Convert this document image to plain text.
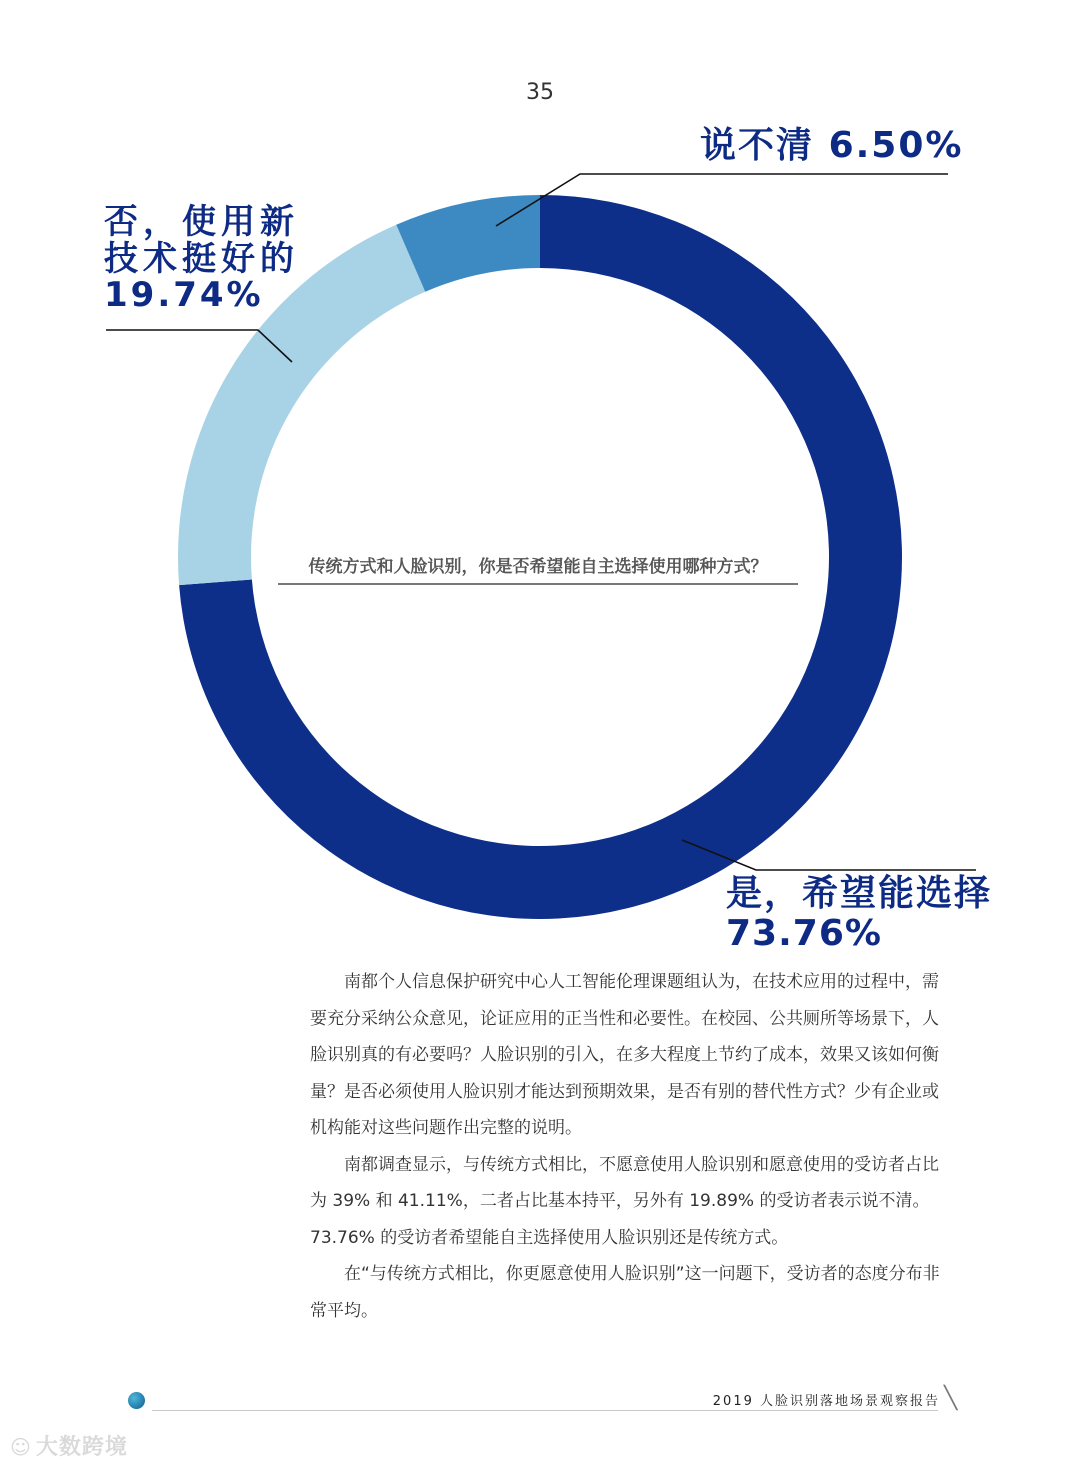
35
说不清 6.50%
否，使用新
技术挺好的
19.74%
是，希望能选择
73.76%
传统方式和人脸识别，你是否希望能自主选择使用哪种方式？

南都个人信息保护研究中心人工智能伦理课题组认为，在技术应用的过程中，需要充分采纳公众意见，论证应用的正当性和必要性。在校园、公共厕所等场景下，人脸识别真的有必要吗？人脸识别的引入，在多大程度上节约了成本，效果又该如何衡量？是否必须使用人脸识别才能达到预期效果，是否有别的替代性方式？少有企业或机构能对这些问题作出完整的说明。

南都调查显示，与传统方式相比，不愿意使用人脸识别和愿意使用的受访者占比为 39% 和 41.11%，二者占比基本持平，另外有 19.89% 的受访者表示说不清。73.76% 的受访者希望能自主选择使用人脸识别还是传统方式。

在“与传统方式相比，你更愿意使用人脸识别”这一问题下，受访者的态度分布非常平均。

2019 人脸识别落地场景观察报告 ╲
☺ 大数跨境
